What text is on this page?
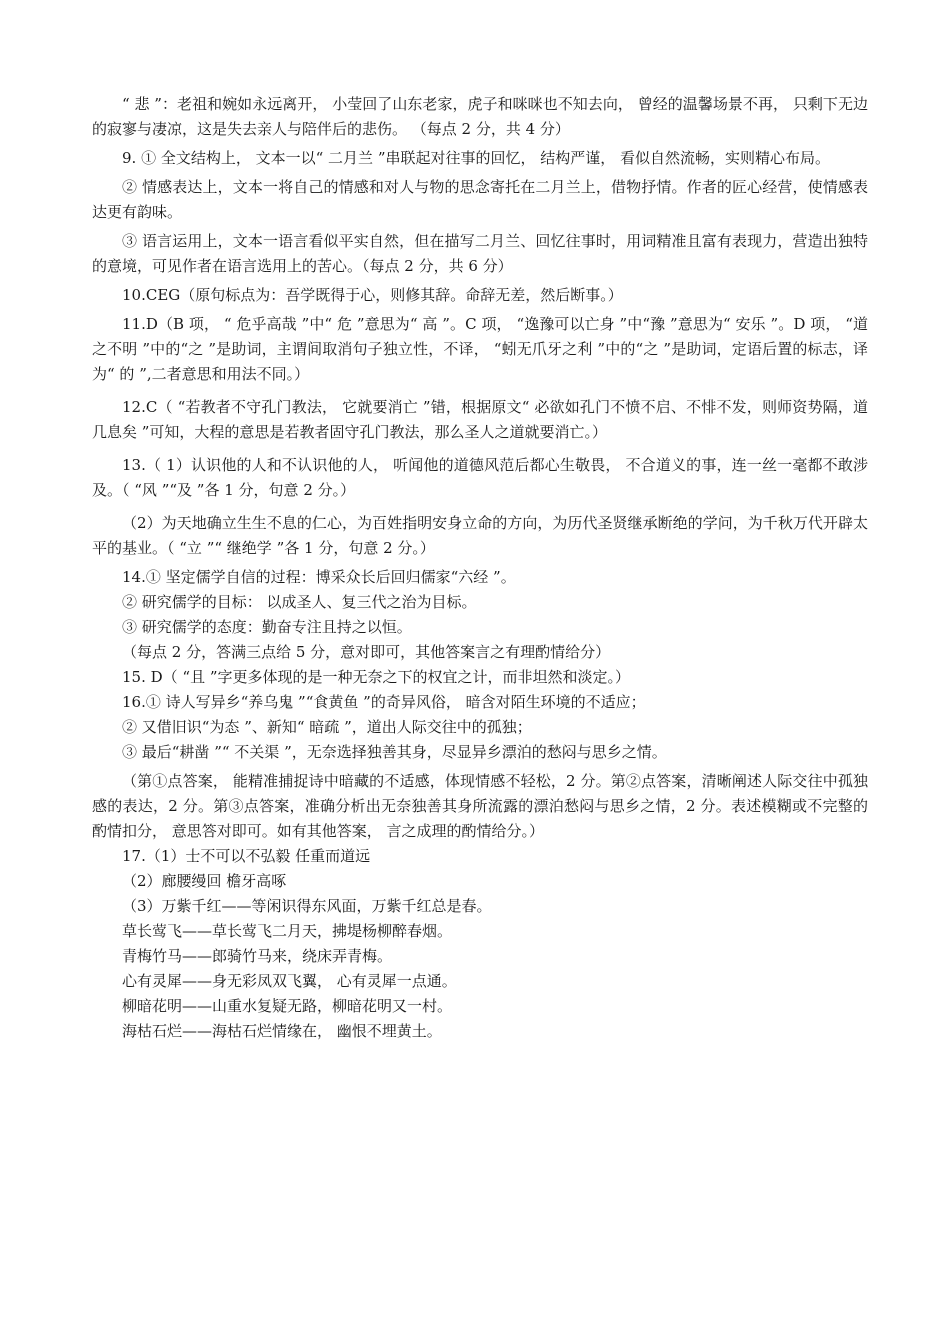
“ 悲 ”：老祖和婉如永远离开， 小莹回了山东老家，虎子和咪咪也不知去向， 曾经的温馨场景不再， 只剩下无边的寂寥与凄凉，这是失去亲人与陪伴后的悲伤。 （每点 2 分，共 4 分）

9. ① 全文结构上， 文本一以“ 二月兰 ”串联起对往事的回忆， 结构严谨， 看似自然流畅，实则精心布局。

② 情感表达上，文本一将自己的情感和对人与物的思念寄托在二月兰上，借物抒情。作者的匠心经营，使情感表达更有韵味。

③ 语言运用上，文本一语言看似平实自然，但在描写二月兰、回忆往事时，用词精准且富有表现力，营造出独特的意境，可见作者在语言选用上的苦心。（每点 2 分，共 6 分）

10.CEG（原句标点为：吾学既得于心，则修其辞。命辞无差，然后断事。）

11.D（B 项， “ 危乎高哉 ”中“ 危 ”意思为“ 高 ”。C 项， “逸豫可以亡身 ”中“豫 ”意思为“ 安乐 ”。D 项， “道之不明 ”中的“之 ”是助词，主谓间取消句子独立性，不译， “蚓无爪牙之利 ”中的“之 ”是助词，定语后置的标志，译为“ 的 ”,二者意思和用法不同。）

12.C（ “若教者不守孔门教法， 它就要消亡 ”错，根据原文“ 必欲如孔门不愤不启、不悱不发，则师资势隔，道几息矣 ”可知，大程的意思是若教者固守孔门教法，那么圣人之道就要消亡。）

13.（ 1）认识他的人和不认识他的人， 听闻他的道德风范后都心生敬畏， 不合道义的事，连一丝一毫都不敢涉及。（ “风 ”“及 ”各 1 分，句意 2 分。）

（2）为天地确立生生不息的仁心，为百姓指明安身立命的方向，为历代圣贤继承断绝的学问，为千秋万代开辟太平的基业。（ “立 ”“ 继绝学 ”各 1 分，句意 2 分。）

14.① 坚定儒学自信的过程：博采众长后回归儒家“六经 ”。

② 研究儒学的目标： 以成圣人、复三代之治为目标。

③ 研究儒学的态度：勤奋专注且持之以恒。

（每点 2 分，答满三点给 5 分，意对即可，其他答案言之有理酌情给分）

15. D（ “且 ”字更多体现的是一种无奈之下的权宜之计，而非坦然和淡定。）

16.① 诗人写异乡“养乌鬼 ”“食黄鱼 ”的奇异风俗， 暗含对陌生环境的不适应；

② 又借旧识“为态 ”、新知“ 暗疏 ”，道出人际交往中的孤独；

③ 最后“耕凿 ”“ 不关渠 ”，无奈选择独善其身，尽显异乡漂泊的愁闷与思乡之情。

（第①点答案， 能精准捕捉诗中暗藏的不适感，体现情感不轻松，2 分。第②点答案，清晰阐述人际交往中孤独感的表达，2 分。第③点答案，准确分析出无奈独善其身所流露的漂泊愁闷与思乡之情，2 分。表述模糊或不完整的酌情扣分， 意思答对即可。如有其他答案， 言之成理的酌情给分。）

17.（1）士不可以不弘毅 任重而道远

（2）廊腰缦回 檐牙高啄

（3）万紫千红——等闲识得东风面，万紫千红总是春。

草长莺飞——草长莺飞二月天，拂堤杨柳醉春烟。

青梅竹马——郎骑竹马来，绕床弄青梅。

心有灵犀——身无彩凤双飞翼， 心有灵犀一点通。

柳暗花明——山重水复疑无路，柳暗花明又一村。

海枯石烂——海枯石烂情缘在， 幽恨不埋黄土。
